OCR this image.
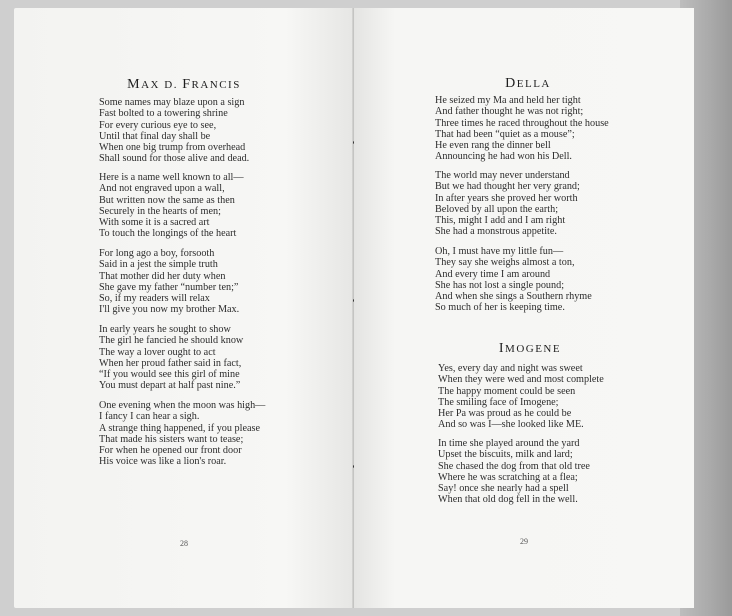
MAX D. FRANCIS
Some names may blaze upon a sign
Fast bolted to a towering shrine
For every curious eye to see,
Until that final day shall be
When one big trump from overhead
Shall sound for those alive and dead.
Here is a name well known to all—
And not engraved upon a wall,
But written now the same as then
Securely in the hearts of men;
With some it is a sacred art
To touch the longings of the heart
For long ago a boy, forsooth
Said in a jest the simple truth
That mother did her duty when
She gave my father “number ten;”
So, if my readers will relax
I'll give you now my brother Max.
In early years he sought to show
The girl he fancied he should know
The way a lover ought to act
When her proud father said in fact,
“If you would see this girl of mine
You must depart at half past nine.”
One evening when the moon was high—
I fancy I can hear a sigh.
A strange thing happened, if you please
That made his sisters want to tease;
For when he opened our front door
His voice was like a lion's roar.
28
DELLA
He seized my Ma and held her tight
And father thought he was not right;
Three times he raced throughout the house
That had been “quiet as a mouse”;
He even rang the dinner bell
Announcing he had won his Dell.
The world may never understand
But we had thought her very grand;
In after years she proved her worth
Beloved by all upon the earth;
This, might I add and I am right
She had a monstrous appetite.
Oh, I must have my little fun—
They say she weighs almost a ton,
And every time I am around
She has not lost a single pound;
And when she sings a Southern rhyme
So much of her is keeping time.
IMOGENE
Yes, every day and night was sweet
When they were wed and most complete
The happy moment could be seen
The smiling face of Imogene;
Her Pa was proud as he could be
And so was I—she looked like ME.
In time she played around the yard
Upset the biscuits, milk and lard;
She chased the dog from that old tree
Where he was scratching at a flea;
Say! once she nearly had a spell
When that old dog fell in the well.
29
